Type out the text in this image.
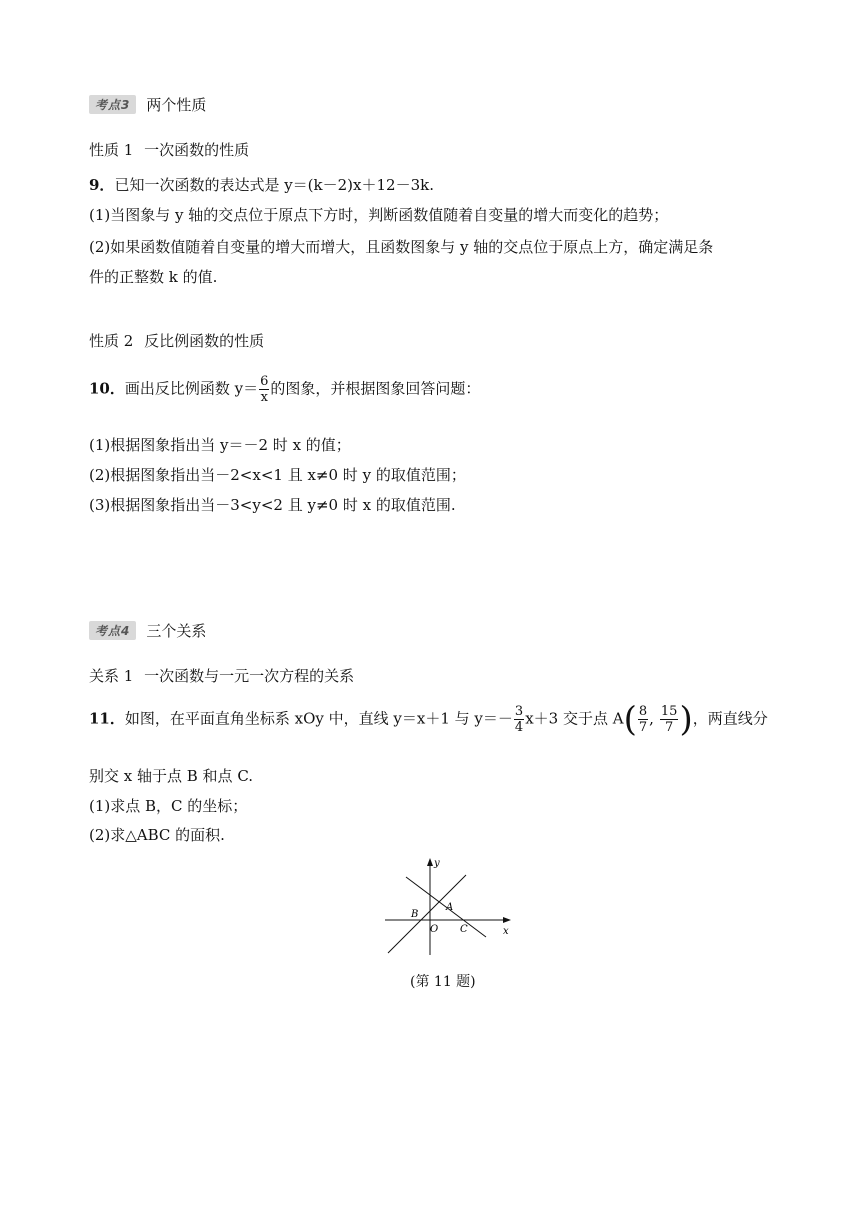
考点3 两个性质
性质 1 一次函数的性质
9．已知一次函数的表达式是 y＝(k－2)x＋12－3k.
(1)当图象与 y 轴的交点位于原点下方时，判断函数值随着自变量的增大而变化的趋势；
(2)如果函数值随着自变量的增大而增大，且函数图象与 y 轴的交点位于原点上方，确定满足条
件的正整数 k 的值.
性质 2 反比例函数的性质
10．画出反比例函数 $y= \frac{6}{x}$ 的图象，并根据图象回答问题：
(1)根据图象指出当 y＝－2 时 x 的值；
(2)根据图象指出当－2<x<1 且 x≠0 时 y 的取值范围；
(3)根据图象指出当－3<y<2 且 y≠0 时 x 的取值范围.
考点4 三个关系
关系 1 一次函数与一元一次方程的关系
11．如图，在平面直角坐标系 xOy 中，直线 y＝x＋1 与 $y=- \frac{3}{4} x+3$ 交于点 $A( \frac{8}{7}$ , $\frac{15}{7}$ )，两直线分
别交 x 轴于点 B 和点 C.
(1)求点 B，C 的坐标；
(2)求△ABC 的面积.
y
x
A
B
O C
(第 11 题)
